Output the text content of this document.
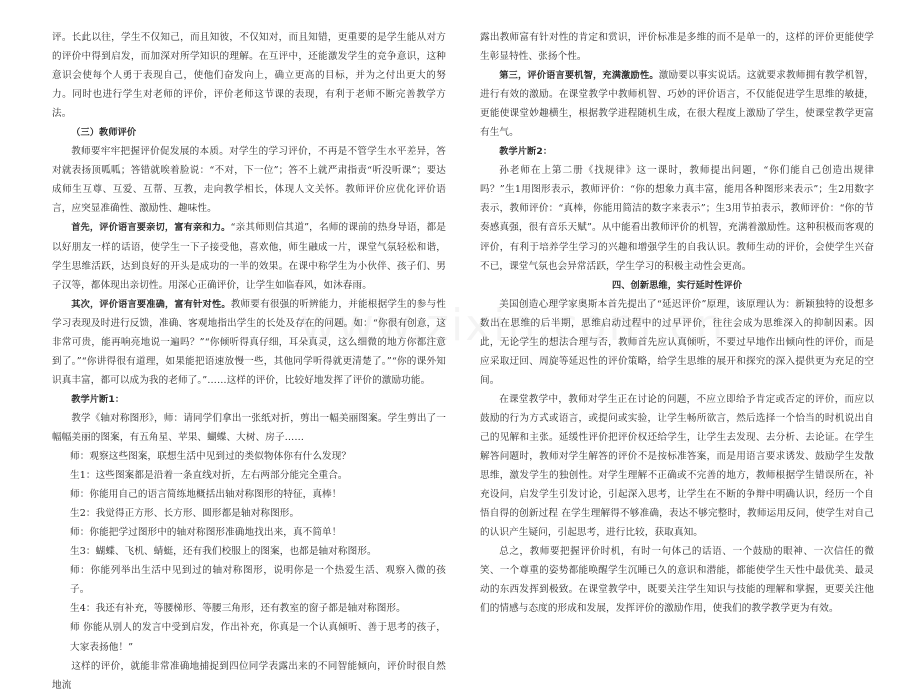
评。长此以往，学生不仅知己，而且知彼，不仅知对，而且知错，更重要的是学生能从对方的评价中得到启发，而加深对所学知识的理解。在互评中，还能激发学生的竞争意识，这种意识会使每个人勇于表现自己，使他们奋发向上，确立更高的目标，并为之付出更大的努力。同时也进行学生对老师的评价，评价老师这节课的表现，有利于老师不断完善教学方法。

（三）教师评价

教师要牢牢把握评价促发展的本质。对学生的学习评价，不再是不管学生水平差异，答对就表扬顶呱呱；答错就唉着脸说：“不对，下一位”；答不上就严肃指责“听没听课”；要达成师生互尊、互爱、互帮、互教，走向教学相长，体现人文关怀。教师评价应优化评价语言，应突显准确性、激励性、趣味性。

首先，评价语言要亲切，富有亲和力。“亲其师则信其道”，名师的课前的热身导语，都是以好朋友一样的话语，使学生一下子接受他，喜欢他，师生融成一片，课堂气氛轻松和谐，学生思维活跃，达到良好的开头是成功的一半的效果。在课中称学生为小伙伴、孩子们、男子汉等，都体现出亲切性。用深心正确评价，让学生如临春风，如沐春雨。

其次，评价语言要准确，富有针对性。教师要有很强的听辨能力，并能根据学生的参与性学习表现及时进行反馈，准确、客观地指出学生的长处及存在的问题。如：“你很有创意，这非常可贵，能再响亮地说一遍吗？”“你倾听得真仔细，耳朵真灵，这么细微的地方你都注意到了。”“你讲得很有道理，如果能把语速放慢一些，其他同学听得就更清楚了。”“你的课外知识真丰富，都可以成为我的老师了。”……这样的评价，比较好地发挥了评价的激励功能。

教学片断1：

教学《轴对称图形》，师：请同学们拿出一张纸对折，剪出一幅美丽图案。学生剪出了一幅幅美丽的图案，有五角星、苹果、蝴蝶、大树、房子……

师：观察这些图案，联想生活中见到过的类似物体你有什么发现？

生1：这些图案都是沿着一条直线对折，左右两部分能完全重合。

师：你能用自己的语言简练地概括出轴对称图形的特征，真棒！

生2：我觉得正方形、长方形、圆形都是轴对称图形。

师：你能把学过图形中的轴对称图形准确地找出来，真不简单！

生3：蝴蝶、飞机、蜻蜓，还有我们校服上的图案，也都是轴对称图形。

师：你能列举出生活中见到过的轴对称图形，说明你是一个热爱生活、观察入微的孩子。

生4：我还有补充，等腰梯形、等腰三角形，还有教室的窗子都是轴对称图形。

师 你能从别人的发言中受到启发，作出补充，你真是一个认真倾听、善于思考的孩子，大家表扬他！”

这样的评价，就能非常准确地捕捉到四位同学表露出来的不同智能倾向，评价时很自然地流

露出教师富有针对性的肯定和赏识，评价标准是多维的而不是单一的，这样的评价更能使学生彰显特性、张扬个性。

第三，评价语言要机智，充满激励性。激励要以事实说话。这就要求教师拥有教学机智，进行有效的激励。在课堂教学中教师机智、巧妙的评价语言，不仅能促进学生思维的敏捷，更能使课堂妙趣横生，根据教学进程随机生成，在很大程度上激励了学生，使课堂教学更富有生气。

教学片断2：

孙老师在上第二册《找规律》这一课时，教师提出问题，“你们能自己创造出规律吗？”生1用图形表示，教师评价：“你的想象力真丰富，能用各种图形来表示”；生2用数字表示，教师评价：“真棒，你能用简洁的数字来表示”；生3用节拍表示，教师评价：“你的节奏感真强，很有音乐天赋”。从中能看出教师评价的机智，充满着激励性。这种积极而客观的评价，有利于培养学生学习的兴趣和增强学生的自我认识。教师生动的评价，会使学生兴奋不已，课堂气氛也会异常活跃，学生学习的积极主动性会更高。

四、创新思维，实行延时性评价

美国创造心理学家奥斯本首先提出了“延迟评价”原理，该原理认为：新颖独特的设想多数出在思维的后半期，思维启动过程中的过早评价，往往会成为思维深入的抑制因素。因此，无论学生的想法合理与否，教师首先应认真倾听，不要过早地作出倾向性的评价，而是应采取迂回、周旋等延迟性的评价策略，给学生思维的展开和探究的深入提供更为充足的空间。

在课堂教学中，教师对学生正在讨论的问题，不应立即给予肯定或否定的评价，而应以鼓励的行为方式或语言，或提问或实验，让学生畅所欲言，然后选择一个恰当的时机说出自己的见解和主张。延缓性评价把评价权还给学生，让学生去发现、去分析、去论证。在学生解答问题时，教师对学生解答的评价不是按标准答案，而是用语言要求诱发、鼓励学生发散思维，激发学生的独创性。对学生理解不正确或不完善的地方，教师根据学生错误所在，补充设问，启发学生引发讨论，引起深入思考，让学生在不断的争辩中明确认识，经历一个自悟自得的创新过程 在学生理解得不够准确，表达不够完整时，教师运用反问，使学生对自己的认识产生疑问，引起思考，进行比较，获取真知。

总之，教师要把握评价时机，有时一句体己的话语、一个鼓励的眼神、一次信任的微笑、一个尊重的姿势都能唤醒学生沉睡已久的意识和潜能，都能使学生天性中最优美、最灵动的东西发挥到极致。在课堂教学中，既要关注学生知识与技能的理解和掌握，更要关注他们的情感与态度的形成和发展，发挥评价的激励作用，使我们的教学教学更为有效。
